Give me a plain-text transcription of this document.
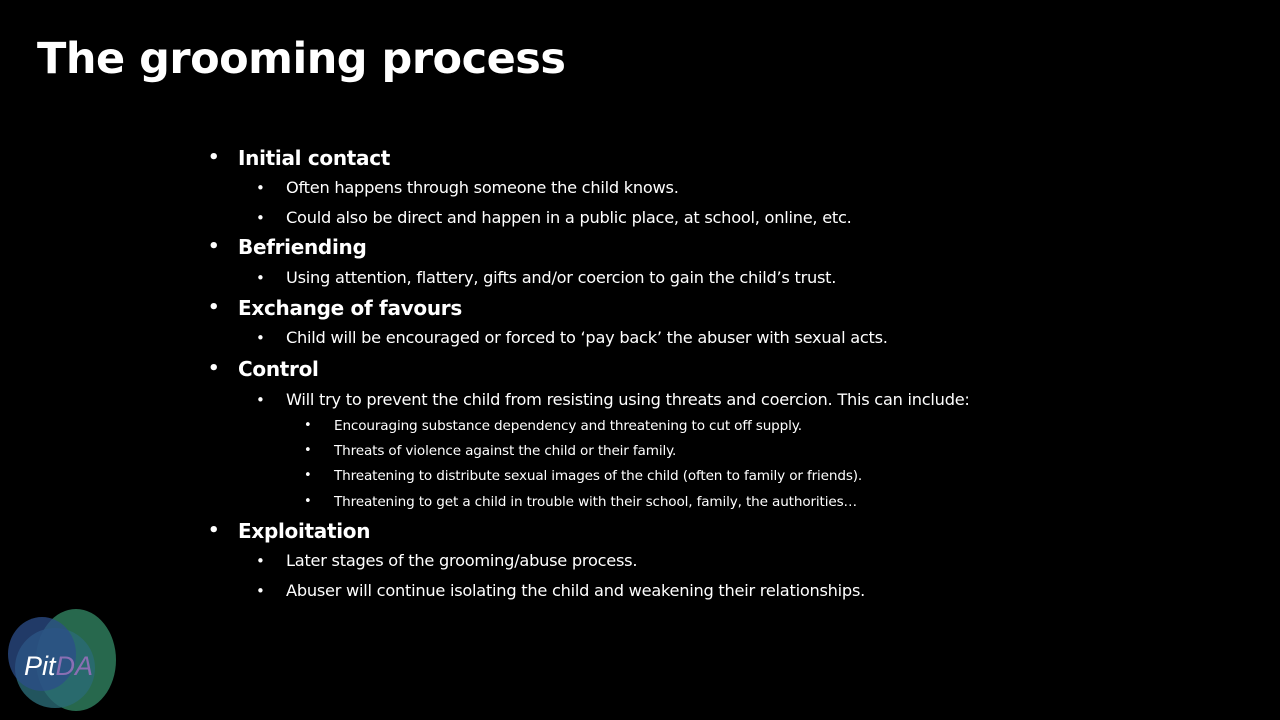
The grooming process
• Initial contact
• Often happens through someone the child knows.
• Could also be direct and happen in a public place, at school, online, etc.
• Befriending
• Using attention, flattery, gifts and/or coercion to gain the child’s trust.
• Exchange of favours
• Child will be encouraged or forced to ‘pay back’ the abuser with sexual acts.
• Control
• Will try to prevent the child from resisting using threats and coercion. This can include:
• Encouraging substance dependency and threatening to cut off supply.
• Threats of violence against the child or their family.
• Threatening to distribute sexual images of the child (often to family or friends).
• Threatening to get a child in trouble with their school, family, the authorities…
• Exploitation
• Later stages of the grooming/abuse process.
• Abuser will continue isolating the child and weakening their relationships.
PitDA
